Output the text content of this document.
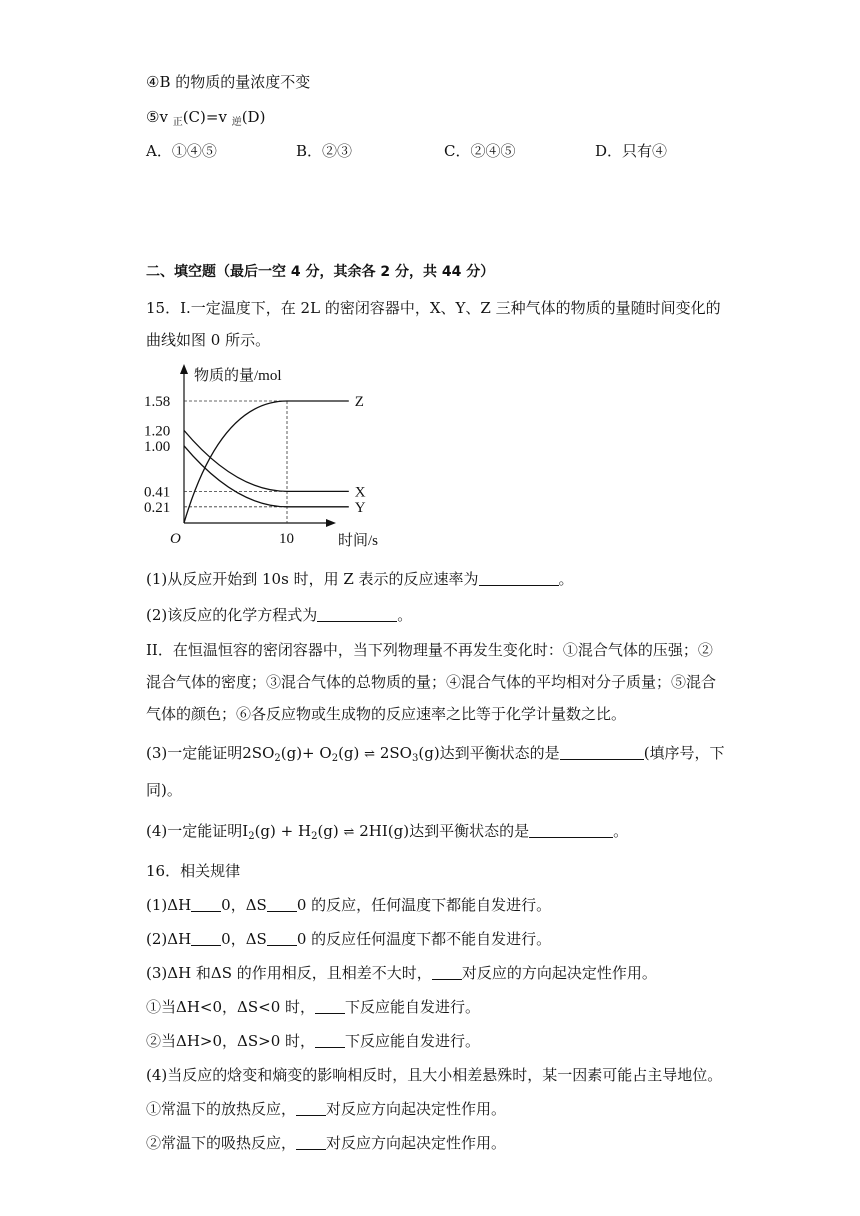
④B 的物质的量浓度不变
⑤v $_正$(C)=v $_逆$(D)
A．①④⑤	B．②③	C．②④⑤	D．只有④
二、填空题（最后一空 4 分，其余各 2 分，共 44 分）
15．I.一定温度下，在 2L 的密闭容器中，X、Y、Z 三种气体的物质的量随时间变化的
曲线如图 0 所示。
Z
X
Y
1.58
1.20
1.00
0.41
0.21
10
O
物质的量/mol
时间/s
(1)从反应开始到 10s 时，用 Z 表示的反应速率为	。
(2)该反应的化学方程式为	。
II．在恒温恒容的密闭容器中，当下列物理量不再发生变化时：①混合气体的压强；②
混合气体的密度；③混合气体的总物质的量；④混合气体的平均相对分子质量；⑤混合
气体的颜色；⑥各反应物或生成物的反应速率之比等于化学计量数之比。
(3)一定能证明$2SO_2(g)+ O_2(g)$ ⇌ $2SO_3(g)$达到平衡状态的是	(填序号，下
同)。
(4)一定能证明$I_2(g) + H_2(g)$ ⇌ 2HI(g)达到平衡状态的是	。
16．相关规律
(1)ΔH 0，ΔS 0 的反应，任何温度下都能自发进行。
(2)ΔH 0，ΔS 0 的反应任何温度下都不能自发进行。
(3)ΔH 和ΔS 的作用相反，且相差不大时， 对反应的方向起决定性作用。
①当ΔH<0，ΔS<0 时， 下反应能自发进行。
②当ΔH>0，ΔS>0 时， 下反应能自发进行。
(4)当反应的焓变和熵变的影响相反时，且大小相差悬殊时，某一因素可能占主导地位。
①常温下的放热反应， 对反应方向起决定性作用。
②常温下的吸热反应， 对反应方向起决定性作用。
